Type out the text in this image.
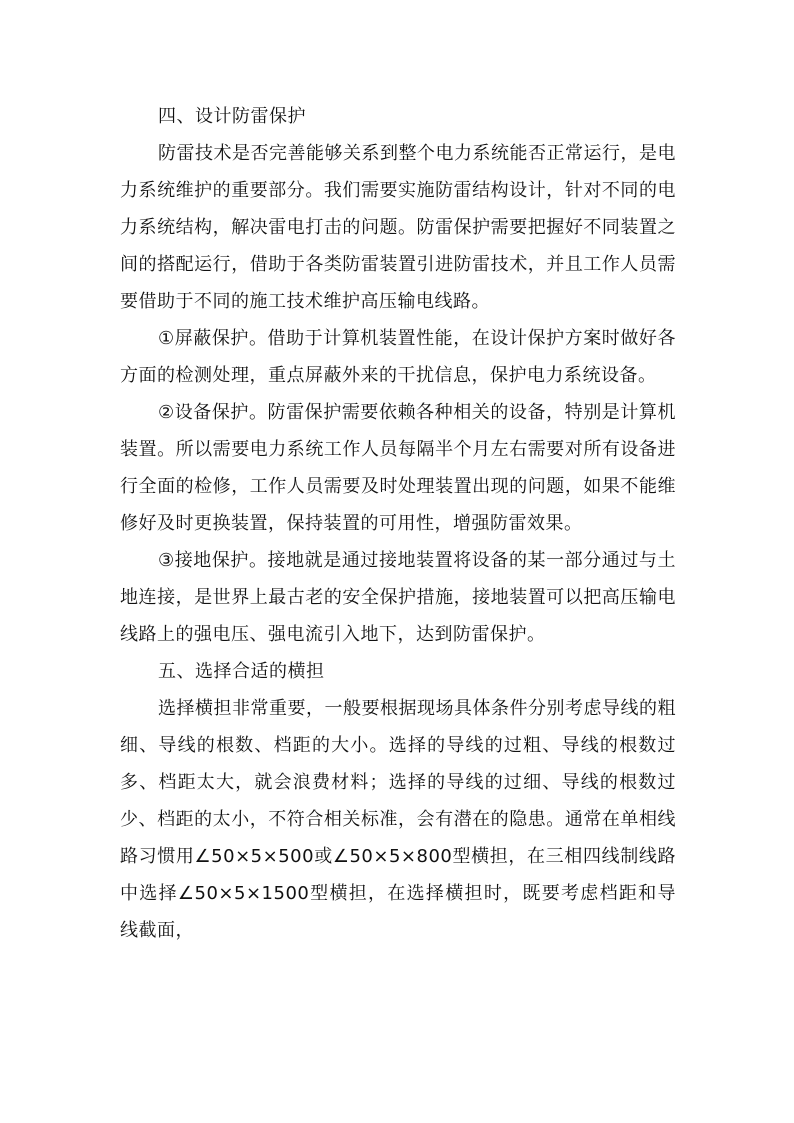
四、设计防雷保护

防雷技术是否完善能够关系到整个电力系统能否正常运行，是电力系统维护的重要部分。我们需要实施防雷结构设计，针对不同的电力系统结构，解决雷电打击的问题。防雷保护需要把握好不同装置之间的搭配运行，借助于各类防雷装置引进防雷技术，并且工作人员需要借助于不同的施工技术维护高压输电线路。

①屏蔽保护。借助于计算机装置性能，在设计保护方案时做好各方面的检测处理，重点屏蔽外来的干扰信息，保护电力系统设备。

②设备保护。防雷保护需要依赖各种相关的设备，特别是计算机装置。所以需要电力系统工作人员每隔半个月左右需要对所有设备进行全面的检修，工作人员需要及时处理装置出现的问题，如果不能维修好及时更换装置，保持装置的可用性，增强防雷效果。

③接地保护。接地就是通过接地装置将设备的某一部分通过与土地连接，是世界上最古老的安全保护措施，接地装置可以把高压输电线路上的强电压、强电流引入地下，达到防雷保护。

五、选择合适的横担

选择横担非常重要，一般要根据现场具体条件分别考虑导线的粗细、导线的根数、档距的大小。选择的导线的过粗、导线的根数过多、档距太大，就会浪费材料；选择的导线的过细、导线的根数过少、档距的太小，不符合相关标准，会有潜在的隐患。通常在单相线路习惯用∠50×5×500或∠50×5×800型横担，在三相四线制线路中选择∠50×5×1500型横担，在选择横担时，既要考虑档距和导线截面，
